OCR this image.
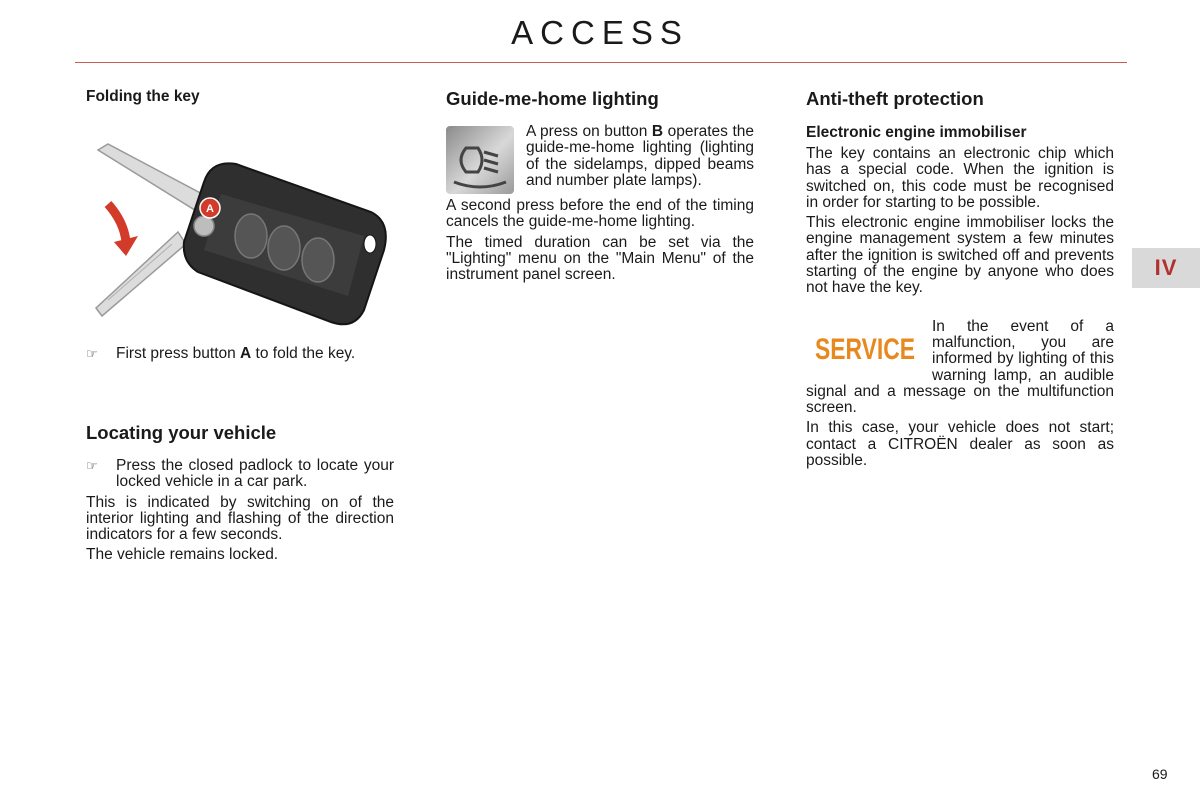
ACCESS
Folding the key
A
☞ First press button A to fold the key.
Locating your vehicle
☞ Press the closed padlock to locate your locked vehicle in a car park.

This is indicated by switching on of the interior lighting and flashing of the direction indicators for a few seconds.

The vehicle remains locked.

Guide-me-home lighting

A press on button B operates the guide-me-home lighting (lighting of the sidelamps, dipped beams and number plate lamps).

A second press before the end of the timing cancels the guide-me-home lighting.

The timed duration can be set via the "Lighting" menu on the "Main Menu" of the instrument panel screen.

Anti-theft protection
Electronic engine immobiliser

The key contains an electronic chip which has a special code. When the ignition is switched on, this code must be recognised in order for starting to be possible.

This electronic engine immobiliser locks the engine management system a few minutes after the ignition is switched off and prevents starting of the engine by anyone who does not have the key.

SERVICE

In the event of a malfunction, you are informed by lighting of this warning lamp, an audible signal and a message on the multifunction screen.

In this case, your vehicle does not start; contact a CITROËN dealer as soon as possible.

IV
69
